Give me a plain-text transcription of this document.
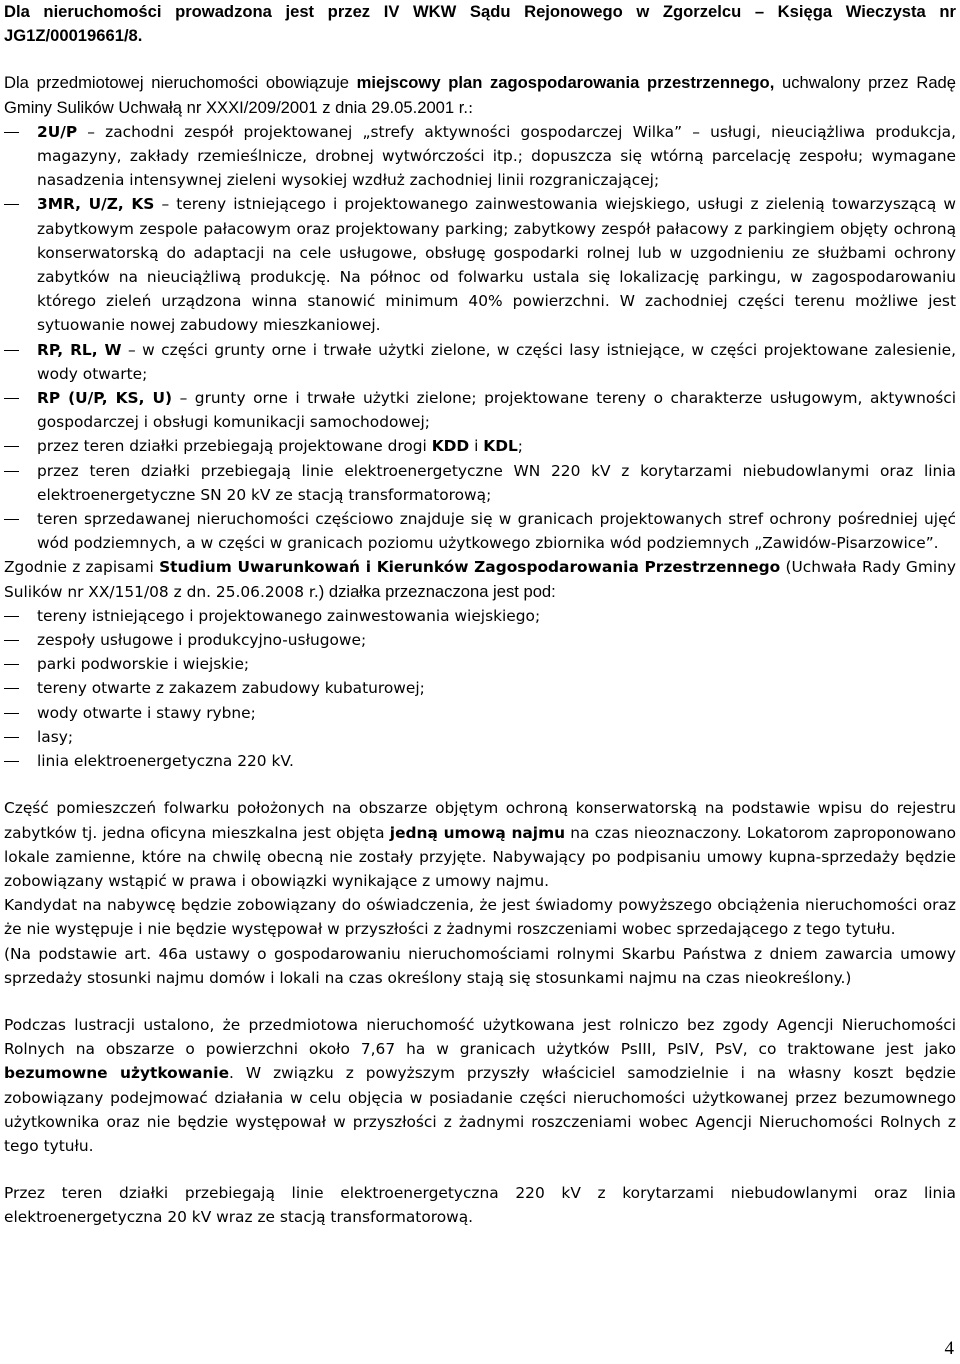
Dla nieruchomości prowadzona jest przez IV WKW Sądu Rejonowego w Zgorzelcu – Księga Wieczysta nr JG1Z/00019661/8.

Dla przedmiotowej nieruchomości obowiązuje miejscowy plan zagospodarowania przestrzennego, uchwalony przez Radę Gminy Sulików Uchwałą nr XXXI/209/2001 z dnia 29.05.2001 r.:

2U/P – zachodni zespół projektowanej „strefy aktywności gospodarczej Wilka” – usługi, nieuciążliwa produkcja, magazyny, zakłady rzemieślnicze, drobnej wytwórczości itp.; dopuszcza się wtórną parcelację zespołu; wymagane nasadzenia intensywnej zieleni wysokiej wzdłuż zachodniej linii rozgraniczającej;
3MR, U/Z, KS – tereny istniejącego i projektowanego zainwestowania wiejskiego, usługi z zielenią towarzyszącą w zabytkowym zespole pałacowym oraz projektowany parking; zabytkowy zespół pałacowy z parkingiem objęty ochroną konserwatorską do adaptacji na cele usługowe, obsługę gospodarki rolnej lub w uzgodnieniu ze służbami ochrony zabytków na nieuciążliwą produkcję. Na północ od folwarku ustala się lokalizację parkingu, w zagospodarowaniu którego zieleń urządzona winna stanowić minimum 40% powierzchni. W zachodniej części terenu możliwe jest sytuowanie nowej zabudowy mieszkaniowej.
RP, RL, W – w części grunty orne i trwałe użytki zielone, w części lasy istniejące, w części projektowane zalesienie, wody otwarte;
RP (U/P, KS, U) – grunty orne i trwałe użytki zielone; projektowane tereny o charakterze usługowym, aktywności gospodarczej i obsługi komunikacji samochodowej;
przez teren działki przebiegają projektowane drogi KDD i KDL;
przez teren działki przebiegają linie elektroenergetyczne WN 220 kV z korytarzami niebudowlanymi oraz linia elektroenergetyczne SN 20 kV ze stacją transformatorową;
teren sprzedawanej nieruchomości częściowo znajduje się w granicach projektowanych stref ochrony pośredniej ujęć wód podziemnych, a w części w granicach poziomu użytkowego zbiornika wód podziemnych „Zawidów-Pisarzowice”.

Zgodnie z zapisami Studium Uwarunkowań i Kierunków Zagospodarowania Przestrzennego (Uchwała Rady Gminy Sulików nr XX/151/08 z dn. 25.06.2008 r.) działka przeznaczona jest pod:

tereny istniejącego i projektowanego zainwestowania wiejskiego;
zespoły usługowe i produkcyjno-usługowe;
parki podworskie i wiejskie;
tereny otwarte z zakazem zabudowy kubaturowej;
wody otwarte i stawy rybne;
lasy;
linia elektroenergetyczna 220 kV.

Część pomieszczeń folwarku położonych na obszarze objętym ochroną konserwatorską na podstawie wpisu do rejestru zabytków tj. jedna oficyna mieszkalna jest objęta jedną umową najmu na czas nieoznaczony. Lokatorom zaproponowano lokale zamienne, które na chwilę obecną nie zostały przyjęte. Nabywający po podpisaniu umowy kupna-sprzedaży będzie zobowiązany wstąpić w prawa i obowiązki wynikające z umowy najmu.

Kandydat na nabywcę będzie zobowiązany do oświadczenia, że jest świadomy powyższego obciążenia nieruchomości oraz że nie występuje i nie będzie występował w przyszłości z żadnymi roszczeniami wobec sprzedającego z tego tytułu.

(Na podstawie art. 46a ustawy o gospodarowaniu nieruchomościami rolnymi Skarbu Państwa z dniem zawarcia umowy sprzedaży stosunki najmu domów i lokali na czas określony stają się stosunkami najmu na czas nieokreślony.)

Podczas lustracji ustalono, że przedmiotowa nieruchomość użytkowana jest rolniczo bez zgody Agencji Nieruchomości Rolnych na obszarze o powierzchni około 7,67 ha w granicach użytków PsIII, PsIV, PsV, co traktowane jest jako bezumowne użytkowanie. W związku z powyższym przyszły właściciel samodzielnie i na własny koszt będzie zobowiązany podejmować działania w celu objęcia w posiadanie części nieruchomości użytkowanej przez bezumownego użytkownika oraz nie będzie występował w przyszłości z żadnymi roszczeniami wobec Agencji Nieruchomości Rolnych z tego tytułu.

Przez teren działki przebiegają linie elektroenergetyczna 220 kV z korytarzami niebudowlanymi oraz linia elektroenergetyczna 20 kV wraz ze stacją transformatorową.

4
